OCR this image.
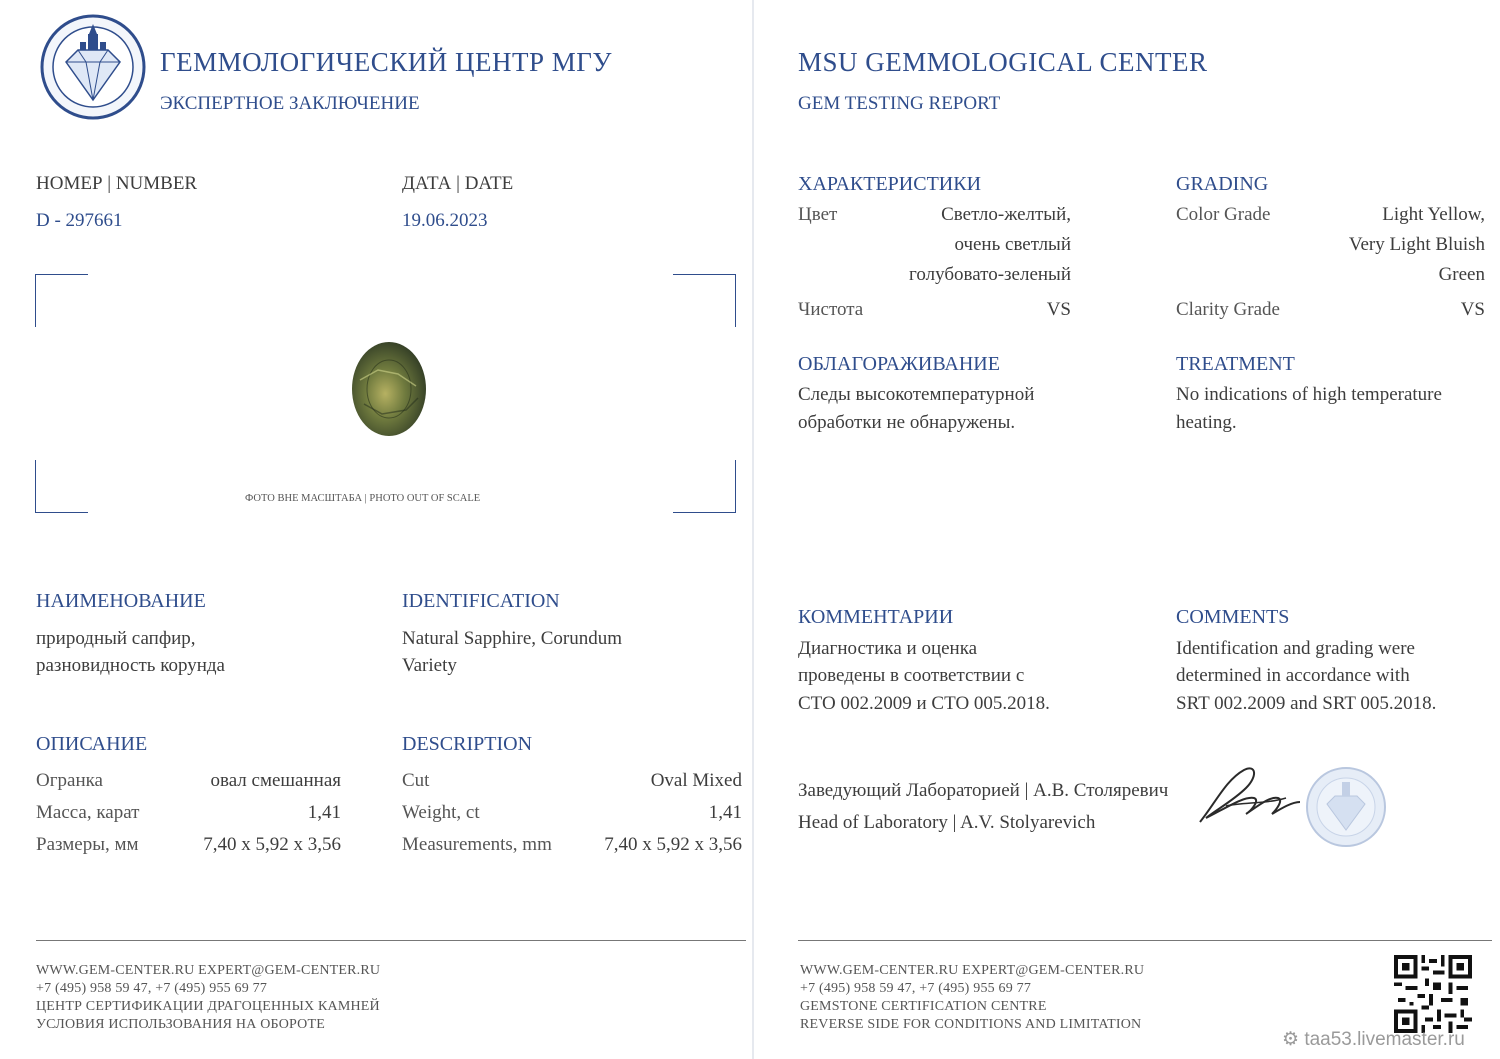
ГЕММОЛОГИЧЕСКИЙ ЦЕНТР МГУ
ЭКСПЕРТНОЕ ЗАКЛЮЧЕНИЕ
НОМЕР | NUMBER
D - 297661
ДАТА | DATE
19.06.2023
ФОТО ВНЕ МАСШТАБА | PHOTO OUT OF SCALE
НАИМЕНОВАНИЕ
природный сапфир,
разновидность корунда
IDENTIFICATION
Natural Sapphire, Corundum
Variety
ОПИСАНИЕ
Огранка	овал смешанная
Масса, карат	1,41
Размеры, мм	7,40 x 5,92 x 3,56
DESCRIPTION
Cut	Oval Mixed
Weight, ct	1,41
Measurements, mm	7,40 x 5,92 x 3,56
WWW.GEM-CENTER.RU EXPERT@GEM-CENTER.RU
+7 (495) 958 59 47, +7 (495) 955 69 77
ЦЕНТР СЕРТИФИКАЦИИ ДРАГОЦЕННЫХ КАМНЕЙ
УСЛОВИЯ ИСПОЛЬЗОВАНИЯ НА ОБОРОТЕ
MSU GEMMOLOGICAL CENTER
GEM TESTING REPORT
ХАРАКТЕРИСТИКИ
Цвет	Светло-желтый,
очень светлый
голубовато-зеленый
Чистота	VS
GRADING
Color Grade	Light Yellow,
Very Light Bluish
Green
Clarity Grade	VS
ОБЛАГОРАЖИВАНИЕ
Следы высокотемпературной
обработки не обнаружены.
TREATMENT
No indications of high temperature
heating.
КОММЕНТАРИИ
Диагностика и оценка
проведены в соответствии с
СТО 002.2009 и СТО 005.2018.
COMMENTS
Identification and grading were
determined in accordance with
SRT 002.2009 and SRT 005.2018.
Заведующий Лабораторией | А.В. Столяревич
Head of Laboratory | A.V. Stolyarevich
WWW.GEM-CENTER.RU EXPERT@GEM-CENTER.RU
+7 (495) 958 59 47, +7 (495) 955 69 77
GEMSTONE CERTIFICATION CENTRE
REVERSE SIDE FOR CONDITIONS AND LIMITATION
⚙ taa53.livemaster.ru
